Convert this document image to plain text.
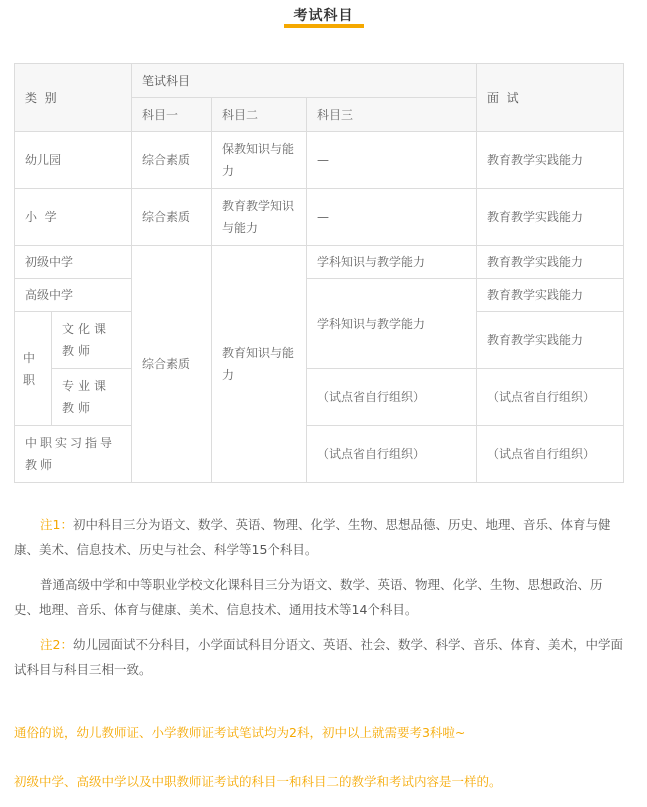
考试科目
类  别		笔试科目			面  试
		科目一	科目二	科目三	
幼儿园		综合素质	保教知识与能力	—	教育教学实践能力
小  学		综合素质	教育教学知识与能力	—	教育教学实践能力
初级中学		综合素质	教育知识与能力	学科知识与教学能力	教育教学实践能力
高级中学				学科知识与教学能力	教育教学实践能力
中职	文化课教师				教育教学实践能力
	专业课教师			（试点省自行组织）	（试点省自行组织）
中职实习指导教师				（试点省自行组织）	（试点省自行组织）
注1：初中科目三分为语文、数学、英语、物理、化学、生物、思想品德、历史、地理、音乐、体育与健康、美术、信息技术、历史与社会、科学等15个科目。
普通高级中学和中等职业学校文化课科目三分为语文、数学、英语、物理、化学、生物、思想政治、历史、地理、音乐、体育与健康、美术、信息技术、通用技术等14个科目。
注2：幼儿园面试不分科目，小学面试科目分语文、英语、社会、数学、科学、音乐、体育、美术，中学面试科目与科目三相一致。
通俗的说，幼儿教师证、小学教师证考试笔试均为2科，初中以上就需要考3科啦~
初级中学、高级中学以及中职教师证考试的科目一和科目二的教学和考试内容是一样的。
